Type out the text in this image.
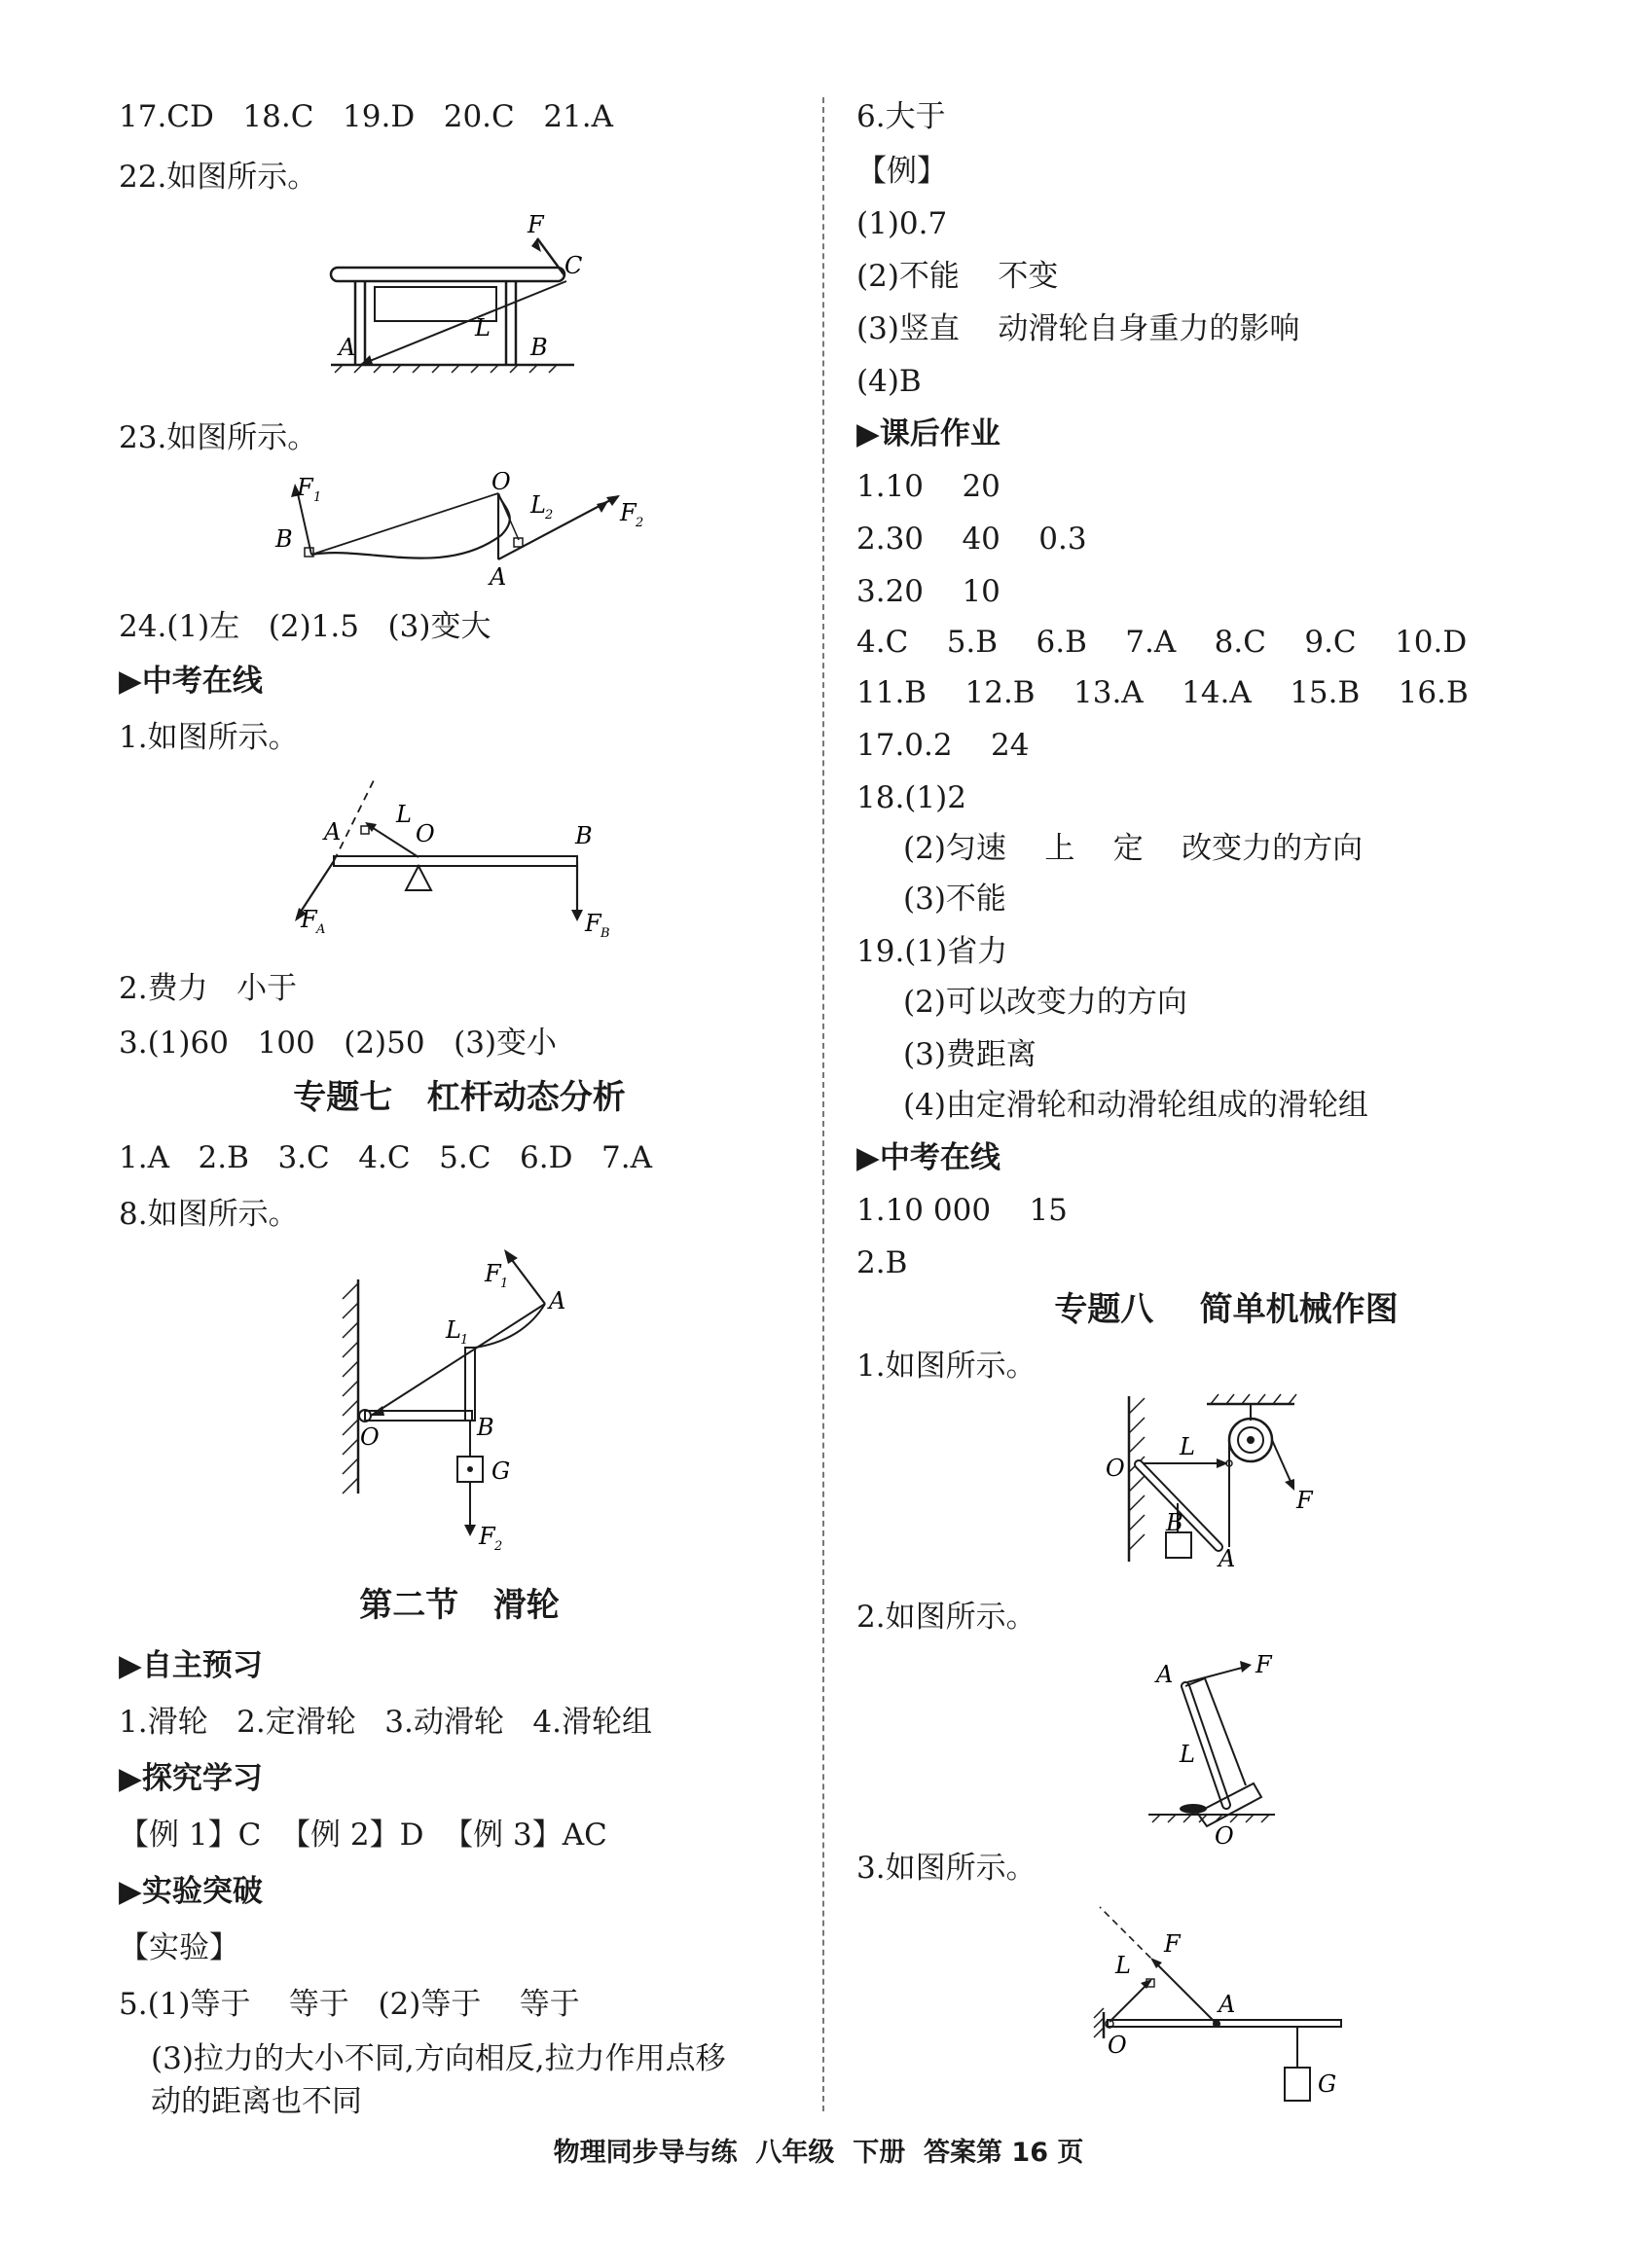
17.CD   18.C   19.D   20.C   21.A
22.如图所示。
F
C
A
L
B
23.如图所示。
F 1
O
L 2	F 2
B
A
24.(1)左   (2)1.5   (3)变大
▶中考在线
1.如图所示。
A
L
O	B
F A	F B
2.费力   小于
3.(1)60   100   (2)50   (3)变小
专题七   杠杆动态分析
1.A   2.B   3.C   4.C   5.C   6.D   7.A
8.如图所示。
F 1
A
L 1
O	B
G
F 2
第二节   滑轮
▶自主预习
1.滑轮   2.定滑轮   3.动滑轮   4.滑轮组
▶探究学习
【例 1】C  【例 2】D  【例 3】AC
▶实验突破
【实验】
5.(1)等于    等于   (2)等于    等于
(3)拉力的大小不同,方向相反,拉力作用点移
6.大于
【例】
(1)0.7
(2)不能    不变
(3)竖直    动滑轮自身重力的影响
(4)B
▶课后作业
1.10    20
2.30    40    0.3
3.20    10
4.C    5.B    6.B    7.A    8.C    9.C    10.D
11.B    12.B    13.A    14.A    15.B    16.B
17.0.2    24
18.(1)2
(2)匀速    上    定    改变力的方向
(3)不能
19.(1)省力
(2)可以改变力的方向
(3)费距离
(4)由定滑轮和动滑轮组成的滑轮组
▶中考在线
1.10 000    15
2.B
专题八    简单机械作图
1.如图所示。
O
L
F
B
A
2.如图所示。
A	F
L
O
3.如图所示。
L
F
A
O
G
动的距离也不同
物理同步导与练  八年级  下册  答案第 16 页
